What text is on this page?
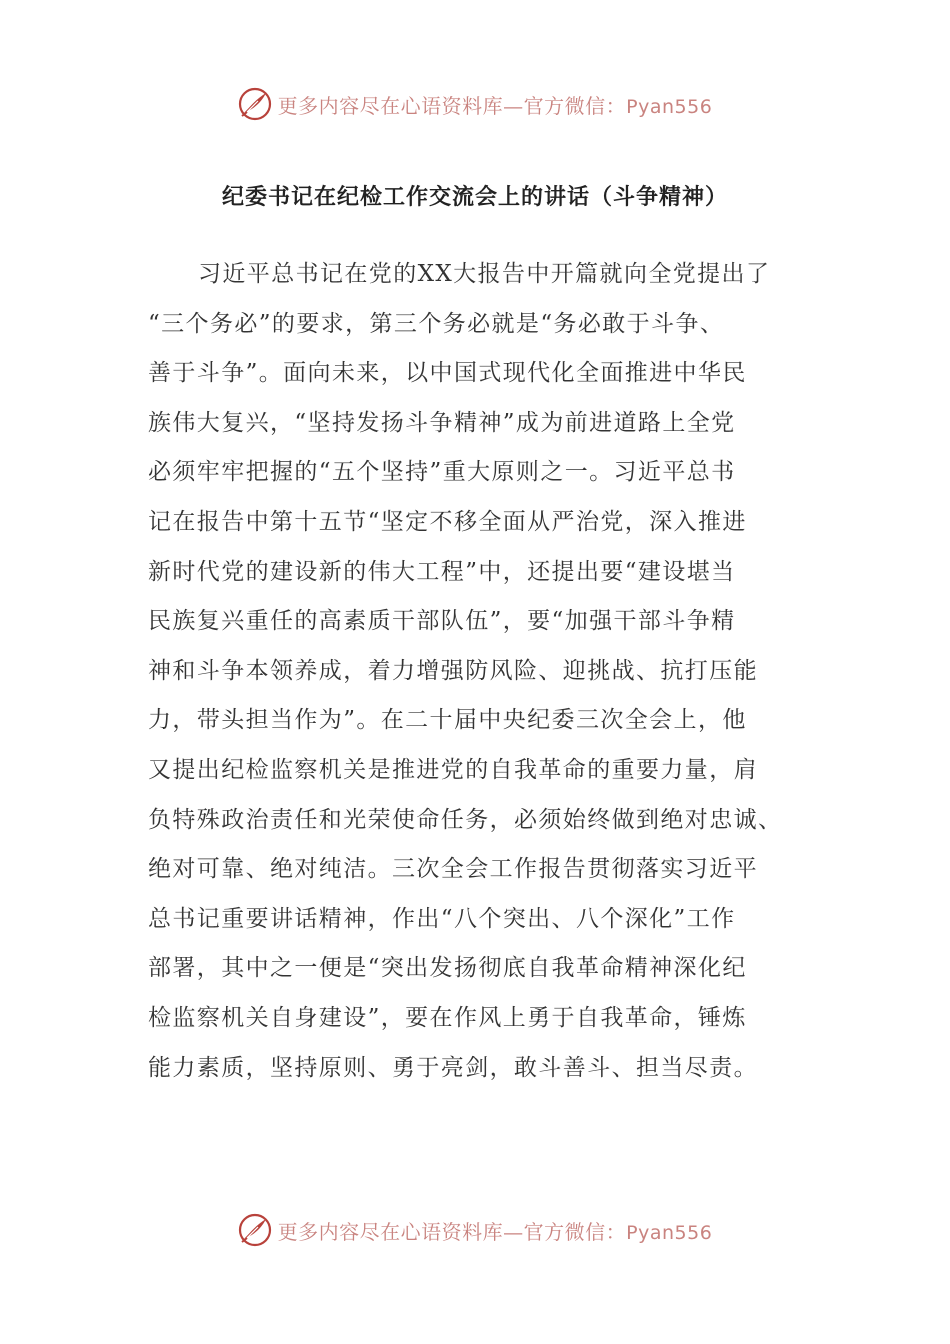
更多内容尽在心语资料库—官方微信：Pyan556
纪委书记在纪检工作交流会上的讲话（斗争精神）
习近平总书记在党的XX大报告中开篇就向全党提出了
“三个务必”的要求，第三个务必就是“务必敢于斗争、
善于斗争”。面向未来，以中国式现代化全面推进中华民
族伟大复兴，“坚持发扬斗争精神”成为前进道路上全党
必须牢牢把握的“五个坚持”重大原则之一。习近平总书
记在报告中第十五节“坚定不移全面从严治党，深入推进
新时代党的建设新的伟大工程”中，还提出要“建设堪当
民族复兴重任的高素质干部队伍”，要“加强干部斗争精
神和斗争本领养成，着力增强防风险、迎挑战、抗打压能
力，带头担当作为”。在二十届中央纪委三次全会上，他
又提出纪检监察机关是推进党的自我革命的重要力量，肩
负特殊政治责任和光荣使命任务，必须始终做到绝对忠诚、
绝对可靠、绝对纯洁。三次全会工作报告贯彻落实习近平
总书记重要讲话精神，作出“八个突出、八个深化”工作
部署，其中之一便是“突出发扬彻底自我革命精神深化纪
检监察机关自身建设”，要在作风上勇于自我革命，锤炼
能力素质，坚持原则、勇于亮剑，敢斗善斗、担当尽责。
更多内容尽在心语资料库—官方微信：Pyan556
